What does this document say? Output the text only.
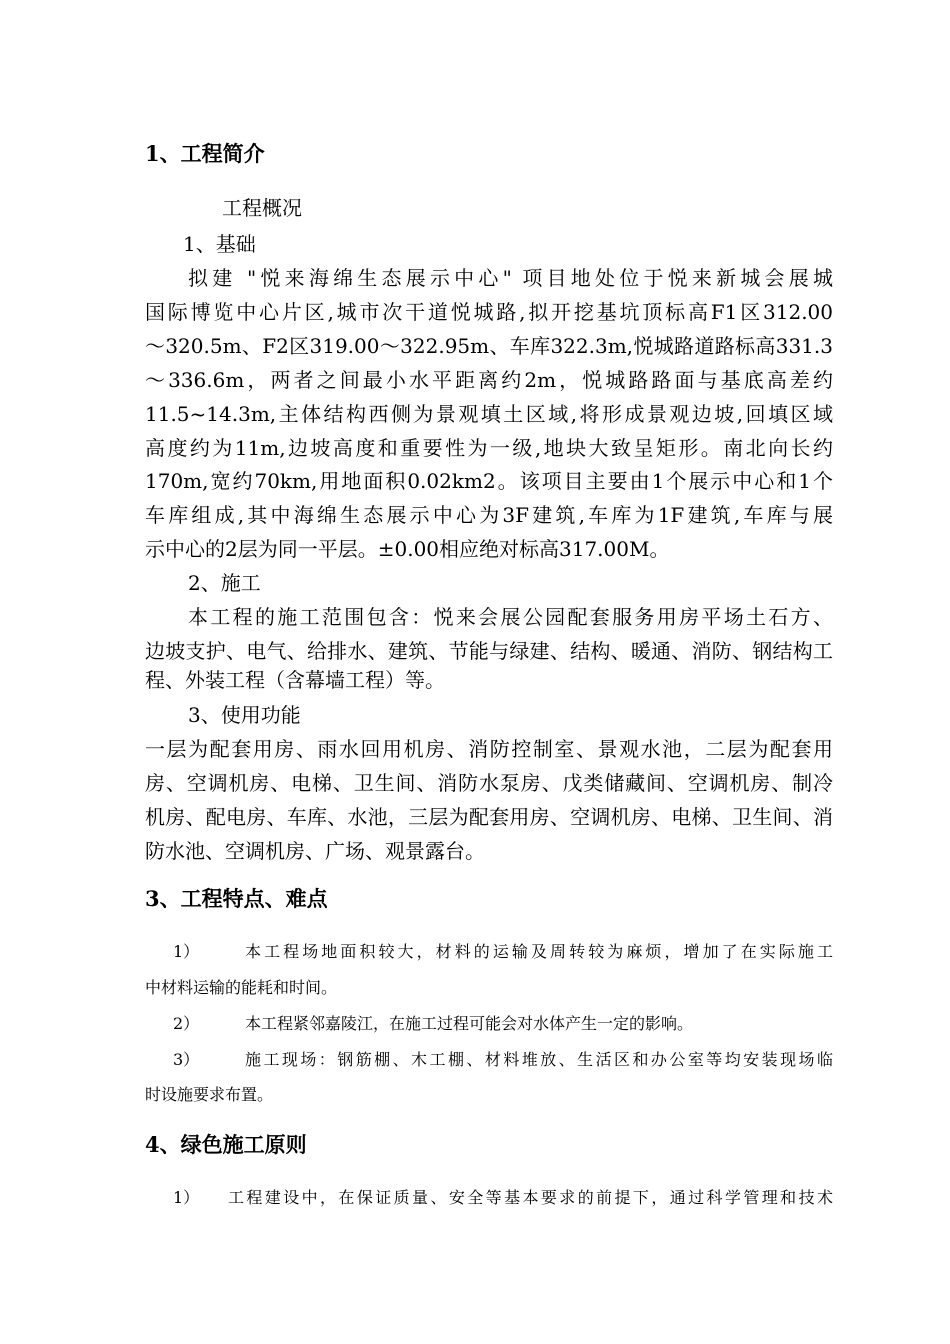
1、工程简介
工程概况
1、基础
拟建 "悦来海绵生态展示中心" 项目地处位于悦来新城会展城
国际博览中心片区,城市次干道悦城路,拟开挖基坑顶标高F1区312.00
～320.5m、F2区319.00～322.95m、车库322.3m,悦城路道路标高331.3
～336.6m，两者之间最小水平距离约2m，悦城路路面与基底高差约
11.5~14.3m,主体结构西侧为景观填土区域,将形成景观边坡,回填区域
高度约为11m,边坡高度和重要性为一级,地块大致呈矩形。南北向长约
170m,宽约70km,用地面积0.02km2。该项目主要由1个展示中心和1个
车库组成,其中海绵生态展示中心为3F建筑,车库为1F建筑,车库与展
示中心的2层为同一平层。±0.00相应绝对标高317.00M。
2、施工
本工程的施工范围包含：悦来会展公园配套服务用房平场土石方、
边坡支护、电气、给排水、建筑、节能与绿建、结构、暖通、消防、钢结构工
程、外装工程（含幕墙工程）等。
3、使用功能
一层为配套用房、雨水回用机房、消防控制室、景观水池，二层为配套用
房、空调机房、电梯、卫生间、消防水泵房、戊类储藏间、空调机房、制冷
机房、配电房、车库、水池，三层为配套用房、空调机房、电梯、卫生间、消
防水池、空调机房、广场、观景露台。
3、工程特点、难点
1）	本工程场地面积较大，材料的运输及周转较为麻烦，增加了在实际施工
中材料运输的能耗和时间。
2）	本工程紧邻嘉陵江，在施工过程可能会对水体产生一定的影响。
3）	施工现场：钢筋棚、木工棚、材料堆放、生活区和办公室等均安装现场临
时设施要求布置。
4、绿色施工原则
1） 工程建设中，在保证质量、安全等基本要求的前提下，通过科学管理和技术
